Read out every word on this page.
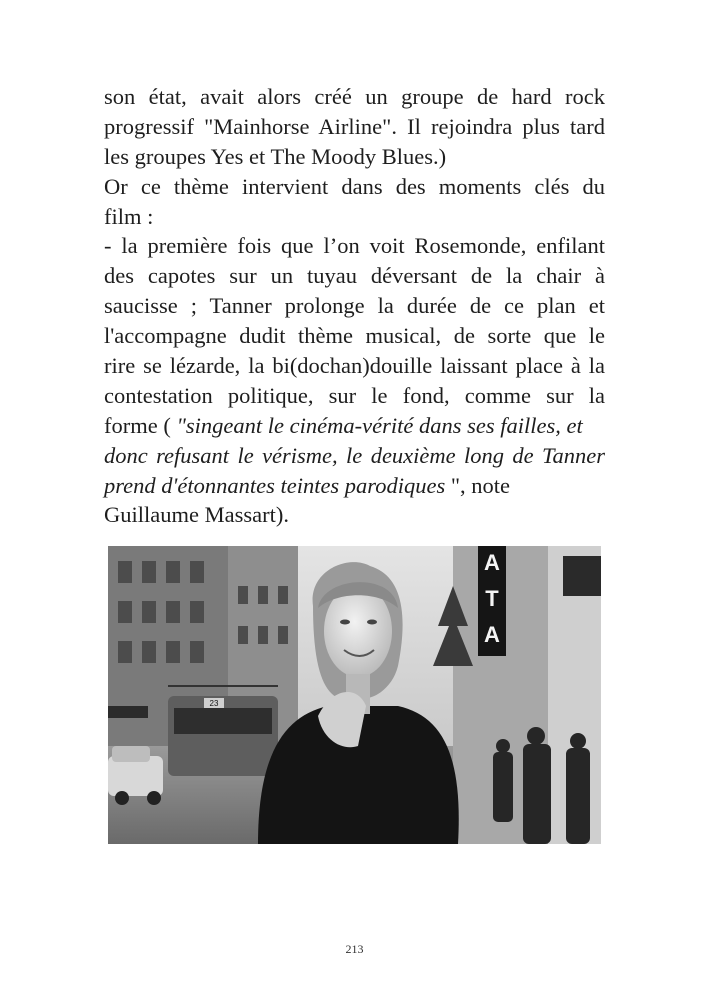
son état, avait alors créé un groupe de hard rock
progressif "Mainhorse Airline". Il rejoindra plus tard
les groupes Yes et The Moody Blues.)
Or ce thème intervient dans des moments clés du
film :
- la première fois que l’on voit Rosemonde, enfilant
des capotes sur un tuyau déversant de la chair à
saucisse ; Tanner prolonge la durée de ce plan et
l'accompagne dudit thème musical, de sorte que le
rire se lézarde, la bi(dochan)douille laissant place à la
contestation politique, sur le fond, comme sur la
forme ( "singeant le cinéma-vérité dans ses failles, et
donc refusant le vérisme, le deuxième long de Tanner
prend d'étonnantes teintes parodiques ", note
Guillaume Massart).
23
A
T
A
213
